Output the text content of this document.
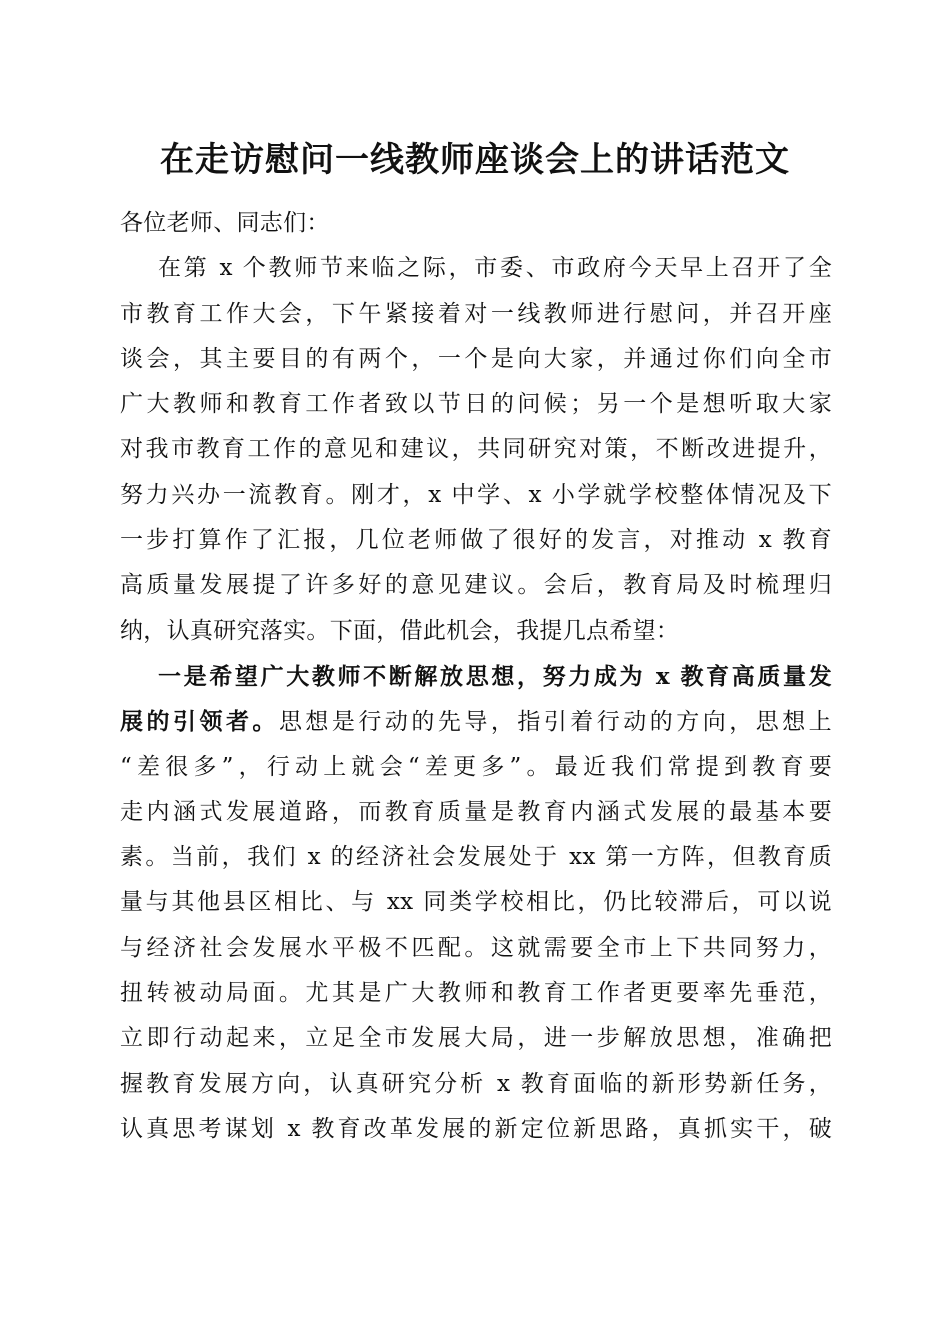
在走访慰问一线教师座谈会上的讲话范文
各位老师、同志们：
在第 x 个教师节来临之际，市委、市政府今天早上召开了全
市教育工作大会，下午紧接着对一线教师进行慰问，并召开座
谈会，其主要目的有两个，一个是向大家，并通过你们向全市
广大教师和教育工作者致以节日的问候；另一个是想听取大家
对我市教育工作的意见和建议，共同研究对策，不断改进提升，
努力兴办一流教育。刚才，x 中学、x 小学就学校整体情况及下
一步打算作了汇报，几位老师做了很好的发言，对推动 x 教育
高质量发展提了许多好的意见建议。会后，教育局及时梳理归
纳，认真研究落实。下面，借此机会，我提几点希望：
一是希望广大教师不断解放思想，努力成为 x 教育高质量发
展的引领者。思想是行动的先导，指引着行动的方向，思想上
“差很多”，行动上就会“差更多”。最近我们常提到教育要
走内涵式发展道路，而教育质量是教育内涵式发展的最基本要
素。当前，我们 x 的经济社会发展处于 xx 第一方阵，但教育质
量与其他县区相比、与 xx 同类学校相比，仍比较滞后，可以说
与经济社会发展水平极不匹配。这就需要全市上下共同努力，
扭转被动局面。尤其是广大教师和教育工作者更要率先垂范，
立即行动起来，立足全市发展大局，进一步解放思想，准确把
握教育发展方向，认真研究分析 x 教育面临的新形势新任务，
认真思考谋划 x 教育改革发展的新定位新思路，真抓实干，破
